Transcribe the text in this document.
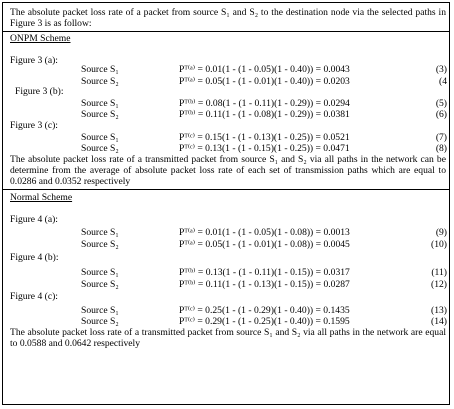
The absolute packet loss rate of a packet from source S₁ and S₂ to the destination node via the selected paths in Figure 3 is as follow:
ONPM Scheme
Figure 3 (a):
Source S₁	Pᵀ⁽ᵃ⁾ = 0.01(1 - (1 - 0.05)(1 - 0.40)) = 0.0043	(3)
Source S₂	Pᵀ⁽ᵃ⁾ = 0.05(1 - (1 - 0.01)(1 - 0.40)) = 0.0203	(4
Figure 3 (b):
Source S₁	Pᵀ⁽ᵇ⁾ = 0.08(1 - (1 - 0.11)(1 - 0.29)) = 0.0294	(5)
Source S₂	Pᵀ⁽ᵇ⁾ = 0.11(1 - (1 - 0.08)(1 - 0.29)) = 0.0381	(6)
Figure 3 (c):
Source S₁	Pᵀ⁽ᶜ⁾ = 0.15(1 - (1 - 0.13)(1 - 0.25)) = 0.0521	(7)
Source S₂	Pᵀ⁽ᶜ⁾ = 0.13(1 - (1 - 0.15)(1 - 0.25)) = 0.0471	(8)
The absolute packet loss rate of a transmitted packet from source S₁ and S₂ via all paths in the network can be determine from the average of absolute packet loss rate of each set of transmission paths which are equal to 0.0286 and 0.0352 respectively
Normal Scheme
Figure 4 (a):
Source S₁	Pᵀ⁽ᵃ⁾ = 0.01(1 - (1 - 0.05)(1 - 0.08)) = 0.0013	(9)
Source S₂	Pᵀ⁽ᵃ⁾ = 0.05(1 - (1 - 0.01)(1 - 0.08)) = 0.0045	(10)
Figure 4 (b):
Source S₁	Pᵀ⁽ᵇ⁾ = 0.13(1 - (1 - 0.11)(1 - 0.15)) = 0.0317	(11)
Source S₂	Pᵀ⁽ᵇ⁾ = 0.11(1 - (1 - 0.13)(1 - 0.15)) = 0.0287	(12)
Figure 4 (c):
Source S₁	Pᵀ⁽ᶜ⁾ = 0.25(1 - (1 - 0.29)(1 - 0.40)) = 0.1435	(13)
Source S₂	Pᵀ⁽ᶜ⁾ = 0.29(1 - (1 - 0.25)(1 - 0.40)) = 0.1595	(14)
The absolute packet loss rate of a transmitted packet from source S₁ and S₂ via all paths in the network are equal to 0.0588 and 0.0642 respectively
